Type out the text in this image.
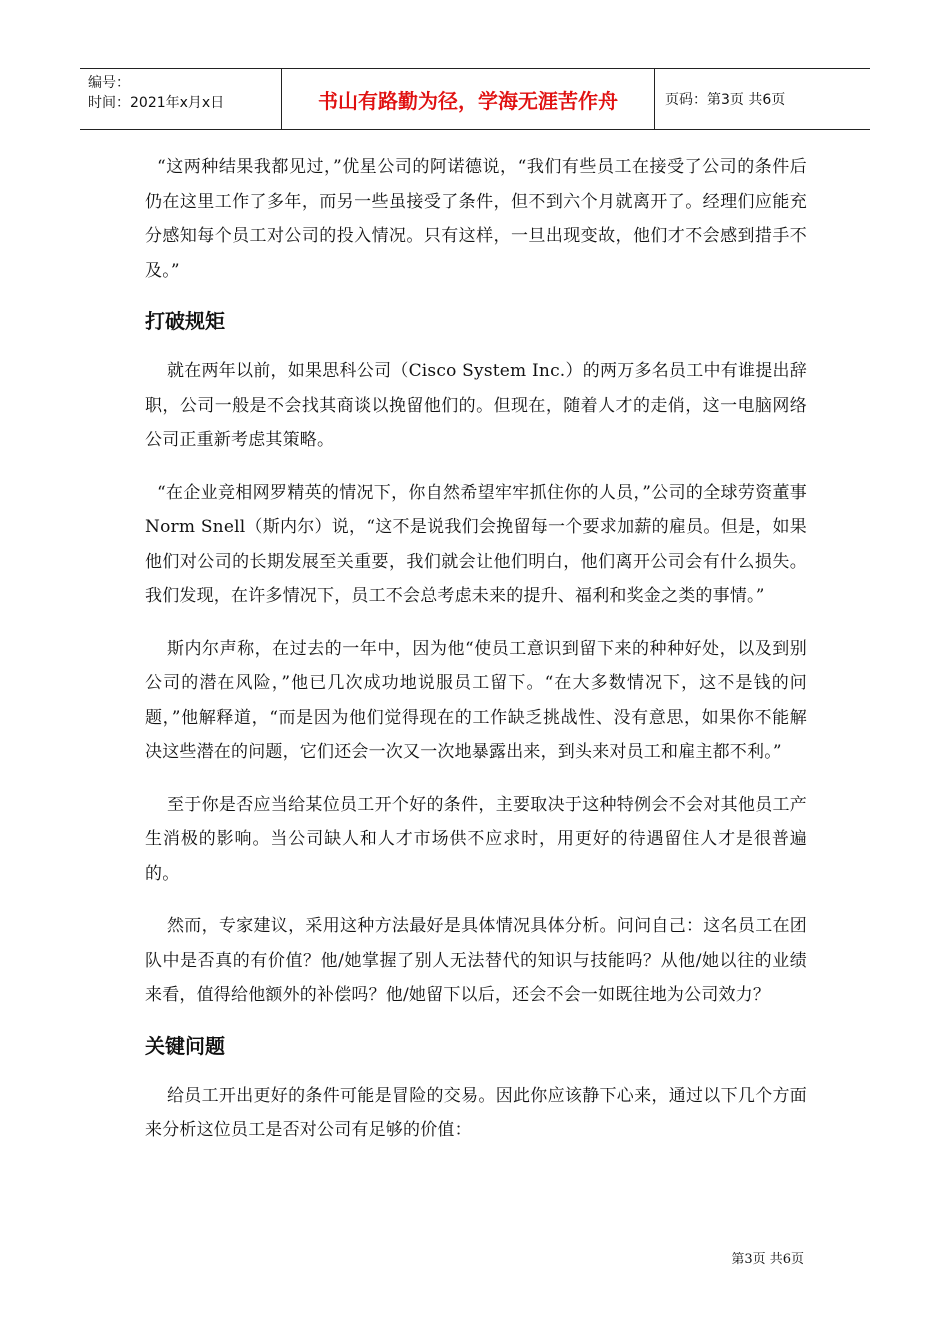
编号：
时间：2021年x月x日	书山有路勤为径，学海无涯苦作舟	页码：第3页 共6页

“这两种结果我都见过，”优星公司的阿诺德说，“我们有些员工在接受了公司的条件后仍在这里工作了多年，而另一些虽接受了条件，但不到六个月就离开了。经理们应能充分感知每个员工对公司的投入情况。只有这样，一旦出现变故，他们才不会感到措手不及。”

打破规矩

就在两年以前，如果思科公司（Cisco System Inc.）的两万多名员工中有谁提出辞职，公司一般是不会找其商谈以挽留他们的。但现在，随着人才的走俏，这一电脑网络公司正重新考虑其策略。

“在企业竞相网罗精英的情况下，你自然希望牢牢抓住你的人员，”公司的全球劳资董事Norm Snell（斯内尔）说，“这不是说我们会挽留每一个要求加薪的雇员。但是，如果他们对公司的长期发展至关重要，我们就会让他们明白，他们离开公司会有什么损失。我们发现，在许多情况下，员工不会总考虑未来的提升、福利和奖金之类的事情。”

斯内尔声称，在过去的一年中，因为他“使员工意识到留下来的种种好处，以及到别公司的潜在风险，”他已几次成功地说服员工留下。“在大多数情况下，这不是钱的问题，”他解释道，“而是因为他们觉得现在的工作缺乏挑战性、没有意思，如果你不能解决这些潜在的问题，它们还会一次又一次地暴露出来，到头来对员工和雇主都不利。”

至于你是否应当给某位员工开个好的条件，主要取决于这种特例会不会对其他员工产生消极的影响。当公司缺人和人才市场供不应求时，用更好的待遇留住人才是很普遍的。

然而，专家建议，采用这种方法最好是具体情况具体分析。问问自己：这名员工在团队中是否真的有价值？他/她掌握了别人无法替代的知识与技能吗？从他/她以往的业绩来看，值得给他额外的补偿吗？他/她留下以后，还会不会一如既往地为公司效力？

关键问题

给员工开出更好的条件可能是冒险的交易。因此你应该静下心来，通过以下几个方面来分析这位员工是否对公司有足够的价值：

第3页 共6页
